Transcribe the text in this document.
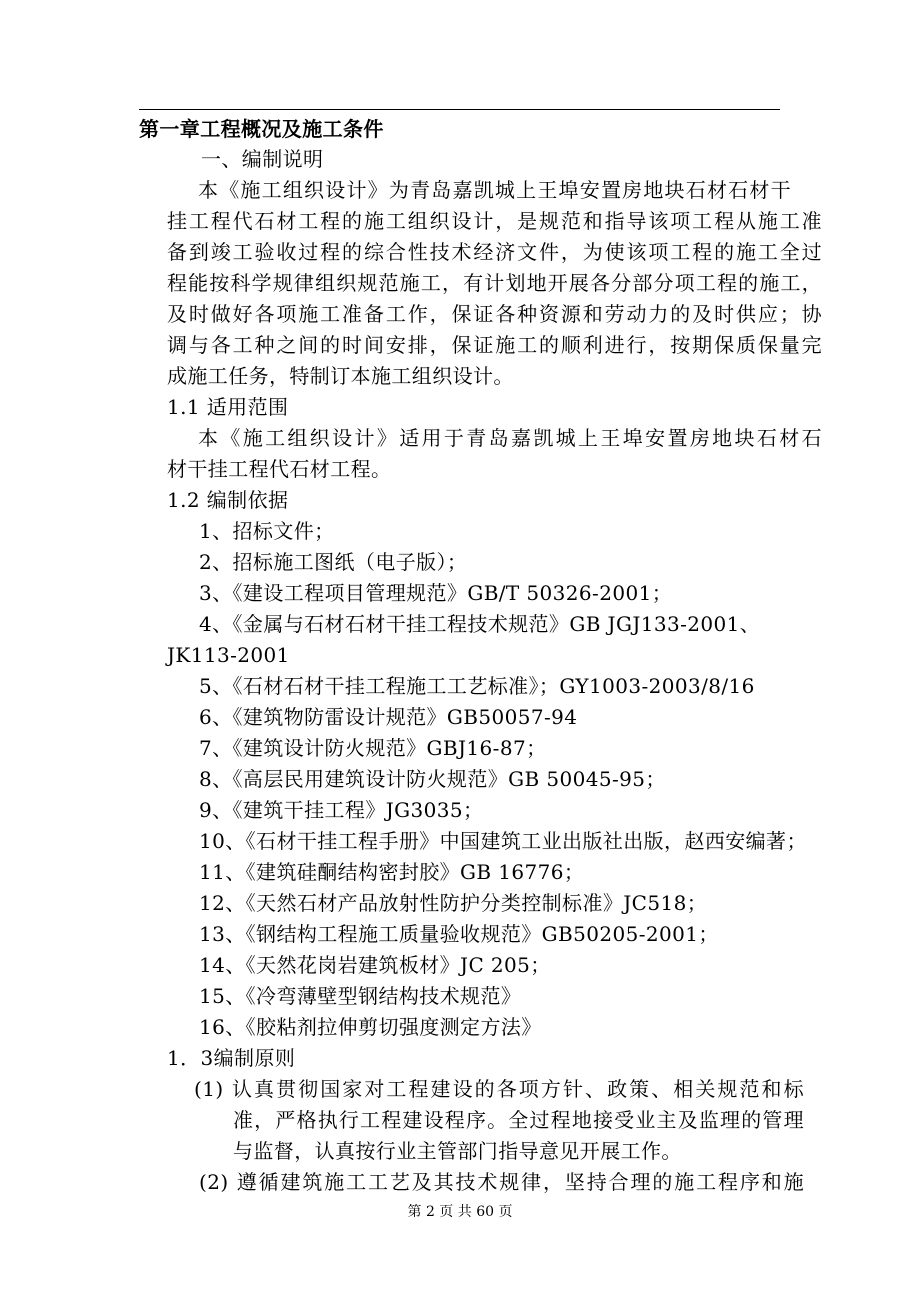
第一章工程概况及施工条件
一、编制说明
本《施工组织设计》为青岛嘉凯城上王埠安置房地块石材石材干
挂工程代石材工程的施工组织设计，是规范和指导该项工程从施工准
备到竣工验收过程的综合性技术经济文件，为使该项工程的施工全过
程能按科学规律组织规范施工，有计划地开展各分部分项工程的施工，
及时做好各项施工准备工作，保证各种资源和劳动力的及时供应；协
调与各工种之间的时间安排，保证施工的顺利进行，按期保质保量完
成施工任务，特制订本施工组织设计。
1.1 适用范围
本《施工组织设计》适用于青岛嘉凯城上王埠安置房地块石材石
材干挂工程代石材工程。
1.2 编制依据
1、招标文件；
2、招标施工图纸（电子版）；
3、《建设工程项目管理规范》GB/T 50326-2001；
4、《金属与石材石材干挂工程技术规范》GB JGJ133-2001、
JK113-2001
5、《石材石材干挂工程施工工艺标准》；GY1003-2003/8/16
6、《建筑物防雷设计规范》GB50057-94
7、《建筑设计防火规范》GBJ16-87；
8、《高层民用建筑设计防火规范》GB 50045-95；
9、《建筑干挂工程》JG3035；
10、《石材干挂工程手册》中国建筑工业出版社出版，赵西安编著；
11、《建筑硅酮结构密封胶》GB 16776；
12、《天然石材产品放射性防护分类控制标准》JC518；
13、《钢结构工程施工质量验收规范》GB50205-2001；
14、《天然花岗岩建筑板材》JC 205；
15、《冷弯薄壁型钢结构技术规范》
16、《胶粘剂拉伸剪切强度测定方法》
1．3编制原则
(1) 认真贯彻国家对工程建设的各项方针、政策、相关规范和标
准，严格执行工程建设程序。全过程地接受业主及监理的管理
与监督，认真按行业主管部门指导意见开展工作。
(2) 遵循建筑施工工艺及其技术规律，坚持合理的施工程序和施
第 2 页 共 60 页
